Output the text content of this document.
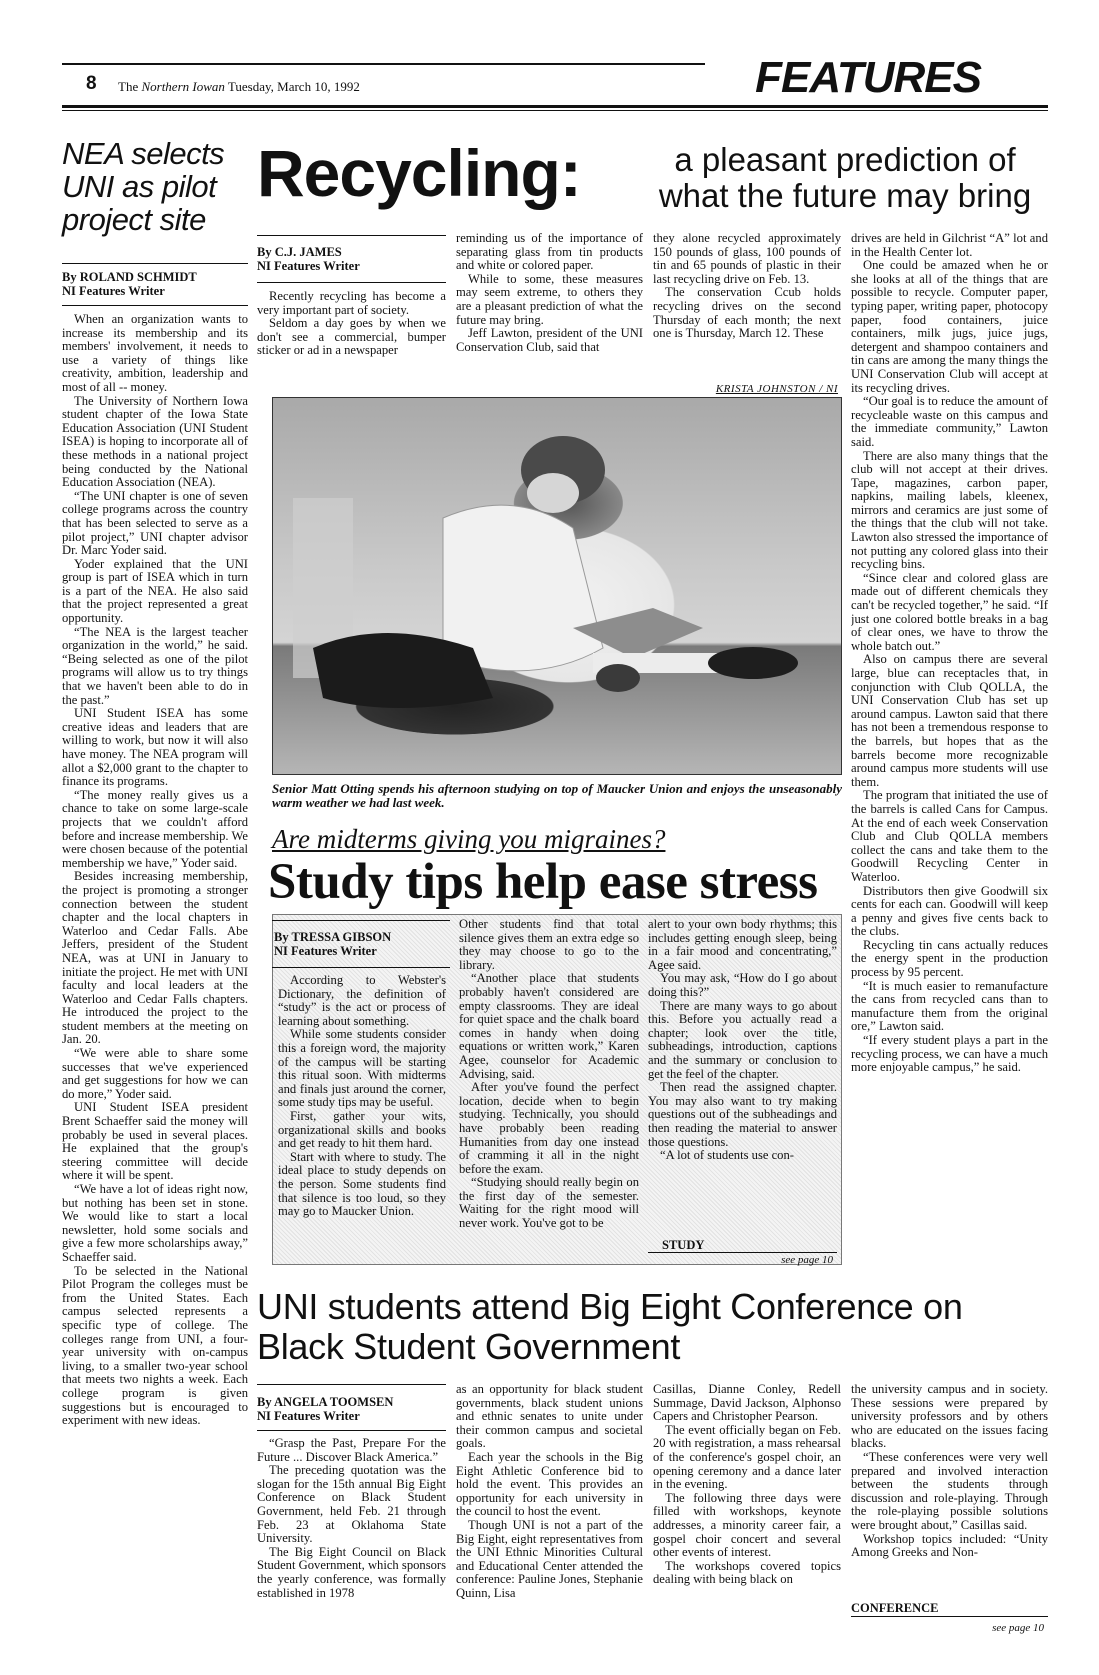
8 The Northern Iowan Tuesday, March 10, 1992	FEATURES
NEA selects UNI as pilot project site
By ROLAND SCHMIDT
NI Features Writer

When an organization wants to increase its membership and its members' involvement, it needs to use a variety of things like creativity, ambition, leadership and most of all -- money.

The University of Northern Iowa student chapter of the Iowa State Education Association (UNI Student ISEA) is hoping to incorporate all of these methods in a national project being conducted by the National Education Association (NEA).

“The UNI chapter is one of seven college programs across the country that has been selected to serve as a pilot project,” UNI chapter advisor Dr. Marc Yoder said.

Yoder explained that the UNI group is part of ISEA which in turn is a part of the NEA. He also said that the project represented a great opportunity.

“The NEA is the largest teacher organization in the world,” he said. “Being selected as one of the pilot programs will allow us to try things that we haven't been able to do in the past.”

UNI Student ISEA has some creative ideas and leaders that are willing to work, but now it will also have money. The NEA program will allot a $2,000 grant to the chapter to finance its programs.

“The money really gives us a chance to take on some large-scale projects that we couldn't afford before and increase membership. We were chosen because of the potential membership we have,” Yoder said.

Besides increasing membership, the project is promoting a stronger connection between the student chapter and the local chapters in Waterloo and Cedar Falls. Abe Jeffers, president of the Student NEA, was at UNI in January to initiate the project. He met with UNI faculty and local leaders at the Waterloo and Cedar Falls chapters. He introduced the project to the student members at the meeting on Jan. 20.

“We were able to share some successes that we've experienced and get suggestions for how we can do more,” Yoder said.

UNI Student ISEA president Brent Schaeffer said the money will probably be used in several places. He explained that the group's steering committee will decide where it will be spent.

“We have a lot of ideas right now, but nothing has been set in stone. We would like to start a local newsletter, hold some socials and give a few more scholarships away,” Schaeffer said.

To be selected in the National Pilot Program the colleges must be from the United States. Each campus selected represents a specific type of college. The colleges range from UNI, a four-year university with on-campus living, to a smaller two-year school that meets two nights a week. Each college program is given suggestions but is encouraged to experiment with new ideas.

Recycling:	a pleasant prediction of what the future may bring
By C.J. JAMES
NI Features Writer

Recently recycling has become a very important part of society.

Seldom a day goes by when we don't see a commercial, bumper sticker or ad in a newspaper

reminding us of the importance of separating glass from tin products and white or colored paper.

While to some, these measures may seem extreme, to others they are a pleasant prediction of what the future may bring.

Jeff Lawton, president of the UNI Conservation Club, said that

they alone recycled approximately 150 pounds of glass, 100 pounds of tin and 65 pounds of plastic in their last recycling drive on Feb. 13.

The conservation Ccub holds recycling drives on the second Thursday of each month; the next one is Thursday, March 12. These

drives are held in Gilchrist “A” lot and in the Health Center lot.

One could be amazed when he or she looks at all of the things that are possible to recycle. Computer paper, typing paper, writing paper, photocopy paper, food containers, juice containers, milk jugs, juice jugs, detergent and shampoo containers and tin cans are among the many things the UNI Conservation Club will accept at its recycling drives.

“Our goal is to reduce the amount of recycleable waste on this campus and the immediate community,” Lawton said.

There are also many things that the club will not accept at their drives. Tape, magazines, carbon paper, napkins, mailing labels, kleenex, mirrors and ceramics are just some of the things that the club will not take. Lawton also stressed the importance of not putting any colored glass into their recycling bins.

“Since clear and colored glass are made out of different chemicals they can't be recycled together,” he said. “If just one colored bottle breaks in a bag of clear ones, we have to throw the whole batch out.”

Also on campus there are several large, blue can receptacles that, in conjunction with Club QOLLA, the UNI Conservation Club has set up around campus. Lawton said that there has not been a tremendous response to the barrels, but hopes that as the barrels become more recognizable around campus more students will use them.

The program that initiated the use of the barrels is called Cans for Campus. At the end of each week Conservation Club and Club QOLLA members collect the cans and take them to the Goodwill Recycling Center in Waterloo.

Distributors then give Goodwill six cents for each can. Goodwill will keep a penny and gives five cents back to the clubs.

Recycling tin cans actually reduces the energy spent in the production process by 95 percent.

“It is much easier to remanufacture the cans from recycled cans than to manufacture them from the original ore,” Lawton said.

“If every student plays a part in the recycling process, we can have a much more enjoyable campus,” he said.

KRISTA JOHNSTON / NI
Senior Matt Otting spends his afternoon studying on top of Maucker Union and enjoys the unseasonably warm weather we had last week.
Are midterms giving you migraines?
Study tips help ease stress
By TRESSA GIBSON
NI Features Writer

According to Webster's Dictionary, the definition of “study” is the act or process of learning about something.

While some students consider this a foreign word, the majority of the campus will be starting this ritual soon. With midterms and finals just around the corner, some study tips may be useful.

First, gather your wits, organizational skills and books and get ready to hit them hard.

Start with where to study. The ideal place to study depends on the person. Some students find that silence is too loud, so they may go to Maucker Union.

Other students find that total silence gives them an extra edge so they may choose to go to the library.

“Another place that students probably haven't considered are empty classrooms. They are ideal for quiet space and the chalk board comes in handy when doing equations or written work,” Karen Agee, counselor for Academic Advising, said.

After you've found the perfect location, decide when to begin studying. Technically, you should have probably been reading Humanities from day one instead of cramming it all in the night before the exam.

“Studying should really begin on the first day of the semester. Waiting for the right mood will never work. You've got to be

alert to your own body rhythms; this includes getting enough sleep, being in a fair mood and concentrating,” Agee said.

You may ask, “How do I go about doing this?”

There are many ways to go about this. Before you actually read a chapter; look over the title, subheadings, introduction, captions and the summary or conclusion to get the feel of the chapter.

Then read the assigned chapter. You may also want to try making questions out of the subheadings and then reading the material to answer those questions.

“A lot of students use con-

STUDY
see page 10
UNI students attend Big Eight Conference on Black Student Government
By ANGELA TOOMSEN
NI Features Writer

“Grasp the Past, Prepare For the Future ... Discover Black America.”

The preceding quotation was the slogan for the 15th annual Big Eight Conference on Black Student Government, held Feb. 21 through Feb. 23 at Oklahoma State University.

The Big Eight Council on Black Student Government, which sponsors the yearly conference, was formally established in 1978

as an opportunity for black student governments, black student unions and ethnic senates to unite under their common campus and societal goals.

Each year the schools in the Big Eight Athletic Conference bid to hold the event. This provides an opportunity for each university in the council to host the event.

Though UNI is not a part of the Big Eight, eight representatives from the UNI Ethnic Minorities Cultural and Educational Center attended the conference: Pauline Jones, Stephanie Quinn, Lisa

Casillas, Dianne Conley, Redell Summage, David Jackson, Alphonso Capers and Christopher Pearson.

The event officially began on Feb. 20 with registration, a mass rehearsal of the conference's gospel choir, an opening ceremony and a dance later in the evening.

The following three days were filled with workshops, keynote addresses, a minority career fair, a gospel choir concert and several other events of interest.

The workshops covered topics dealing with being black on

the university campus and in society. These sessions were prepared by university professors and by others who are educated on the issues facing blacks.

“These conferences were very well prepared and involved interaction between the students through discussion and role-playing. Through the role-playing possible solutions were brought about,” Casillas said.

Workshop topics included: “Unity Among Greeks and Non-

CONFERENCE
see page 10
